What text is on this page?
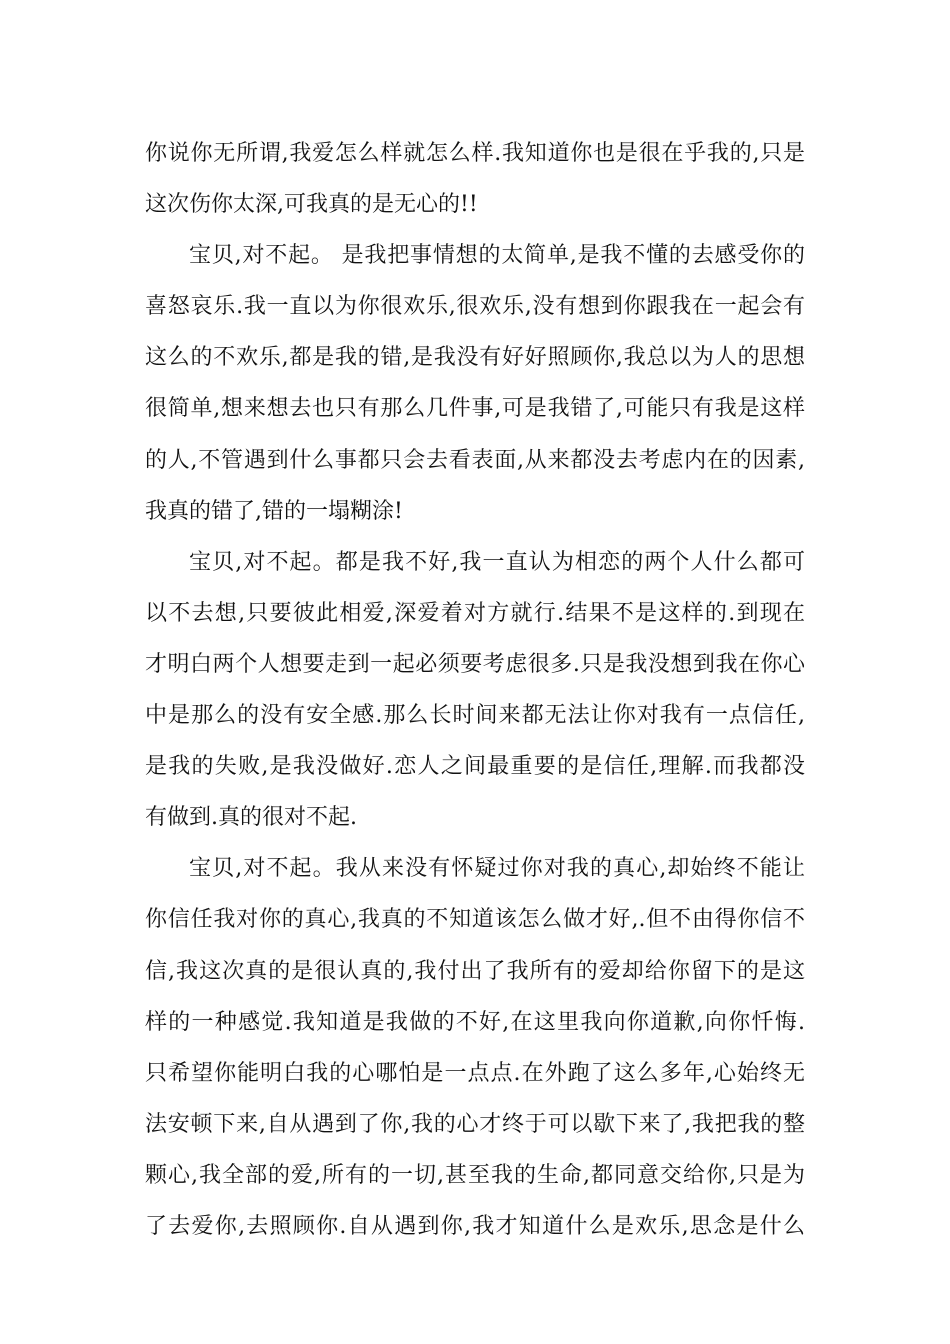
你说你无所谓,我爱怎么样就怎么样.我知道你也是很在乎我的,只是
这次伤你太深,可我真的是无心的!!
宝贝,对不起。 是我把事情想的太简单,是我不懂的去感受你的
喜怒哀乐.我一直以为你很欢乐,很欢乐,没有想到你跟我在一起会有
这么的不欢乐,都是我的错,是我没有好好照顾你,我总以为人的思想
很简单,想来想去也只有那么几件事,可是我错了,可能只有我是这样
的人,不管遇到什么事都只会去看表面,从来都没去考虑内在的因素,
我真的错了,错的一塌糊涂!
宝贝,对不起。都是我不好,我一直认为相恋的两个人什么都可
以不去想,只要彼此相爱,深爱着对方就行.结果不是这样的.到现在
才明白两个人想要走到一起必须要考虑很多.只是我没想到我在你心
中是那么的没有安全感.那么长时间来都无法让你对我有一点信任,
是我的失败,是我没做好.恋人之间最重要的是信任,理解.而我都没
有做到.真的很对不起.
宝贝,对不起。我从来没有怀疑过你对我的真心,却始终不能让
你信任我对你的真心,我真的不知道该怎么做才好,.但不由得你信不
信,我这次真的是很认真的,我付出了我所有的爱却给你留下的是这
样的一种感觉.我知道是我做的不好,在这里我向你道歉,向你忏悔.
只希望你能明白我的心哪怕是一点点.在外跑了这么多年,心始终无
法安顿下来,自从遇到了你,我的心才终于可以歇下来了,我把我的整
颗心,我全部的爱,所有的一切,甚至我的生命,都同意交给你,只是为
了去爱你,去照顾你.自从遇到你,我才知道什么是欢乐,思念是什么
